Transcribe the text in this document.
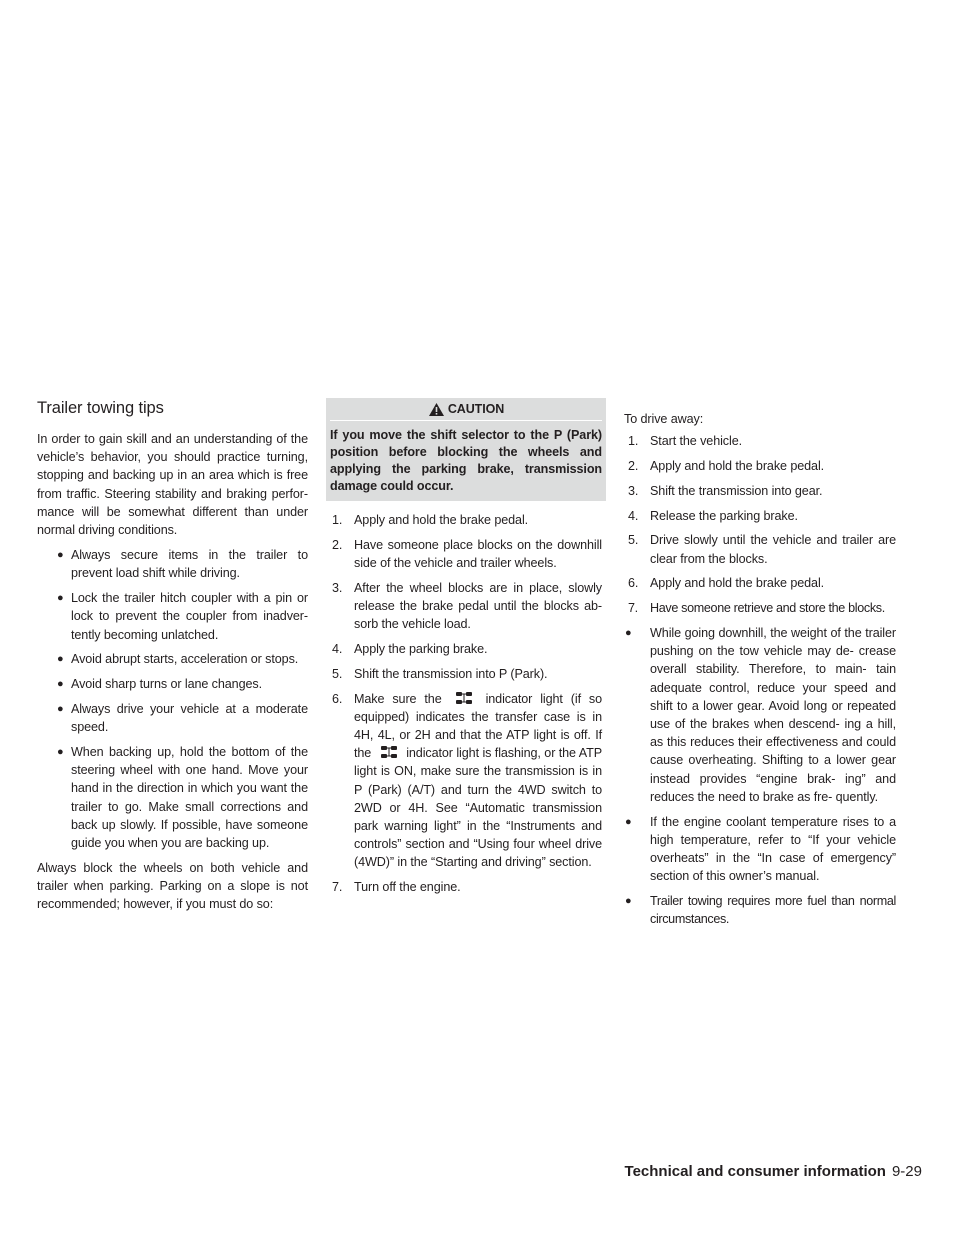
Trailer towing tips

In order to gain skill and an understanding of the vehicle’s behavior, you should practice turning, stopping and backing up in an area which is free from traffic. Steering stability and braking perfor- mance will be somewhat different than under normal driving conditions.

● Always secure items in the trailer to prevent load shift while driving.
● Lock the trailer hitch coupler with a pin or lock to prevent the coupler from inadver- tently becoming unlatched.
● Avoid abrupt starts, acceleration or stops.
● Avoid sharp turns or lane changes.
● Always drive your vehicle at a moderate speed.
● When backing up, hold the bottom of the steering wheel with one hand. Move your hand in the direction in which you want the trailer to go. Make small corrections and back up slowly. If possible, have someone guide you when you are backing up.

Always block the wheels on both vehicle and trailer when parking. Parking on a slope is not recommended; however, if you must do so:

CAUTION
If you move the shift selector to the P (Park) position before blocking the wheels and applying the parking brake, transmission damage could occur.
1. Apply and hold the brake pedal.
2. Have someone place blocks on the downhill side of the vehicle and trailer wheels.
3. After the wheel blocks are in place, slowly release the brake pedal until the blocks ab- sorb the vehicle load.
4. Apply the parking brake.
5. Shift the transmission into P (Park).
6. Make sure the	indicator light (if so equipped) indicates the transfer case is in 4H, 4L, or 2H and that the ATP light is off. If the	indicator light is flashing, or the ATP light is ON, make sure the transmission is in P (Park) (A/T) and turn the 4WD switch to 2WD or 4H. See “Automatic transmission park warning light” in the “Instruments and controls” section and “Using four wheel drive (4WD)” in the “Starting and driving” section.
7. Turn off the engine.

To drive away:

1. Start the vehicle.
2. Apply and hold the brake pedal.
3. Shift the transmission into gear.
4. Release the parking brake.
5. Drive slowly until the vehicle and trailer are clear from the blocks.
6. Apply and hold the brake pedal.
7. Have someone retrieve and store the blocks.
● While going downhill, the weight of the trailer pushing on the tow vehicle may de- crease overall stability. Therefore, to main- tain adequate control, reduce your speed and shift to a lower gear. Avoid long or repeated use of the brakes when descend- ing a hill, as this reduces their effectiveness and could cause overheating. Shifting to a lower gear instead provides “engine brak- ing” and reduces the need to brake as fre- quently.
● If the engine coolant temperature rises to a high temperature, refer to “If your vehicle overheats” in the “In case of emergency” section of this owner’s manual.
● Trailer towing requires more fuel than normal circumstances.
Technical and consumer information 9-29
